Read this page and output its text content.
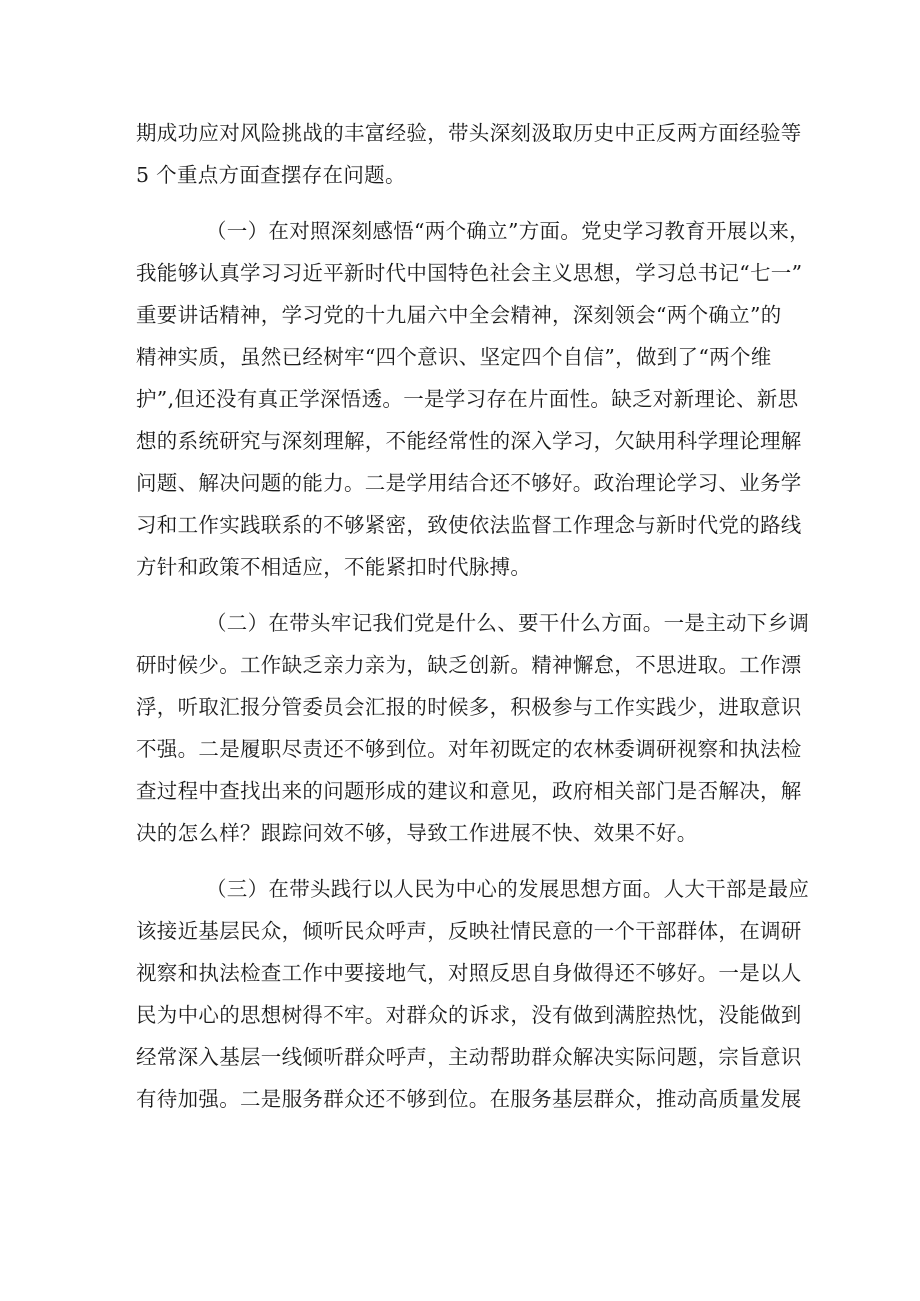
期成功应对风险挑战的丰富经验，带头深刻汲取历史中正反两方面经验等
5 个重点方面查摆存在问题。
（一）在对照深刻感悟“两个确立”方面。党史学习教育开展以来，
我能够认真学习习近平新时代中国特色社会主义思想，学习总书记“七一”
重要讲话精神，学习党的十九届六中全会精神，深刻领会“两个确立”的
精神实质，虽然已经树牢“四个意识、坚定四个自信”，做到了“两个维
护”,但还没有真正学深悟透。一是学习存在片面性。缺乏对新理论、新思
想的系统研究与深刻理解，不能经常性的深入学习，欠缺用科学理论理解
问题、解决问题的能力。二是学用结合还不够好。政治理论学习、业务学
习和工作实践联系的不够紧密，致使依法监督工作理念与新时代党的路线
方针和政策不相适应，不能紧扣时代脉搏。
（二）在带头牢记我们党是什么、要干什么方面。一是主动下乡调
研时候少。工作缺乏亲力亲为，缺乏创新。精神懈怠，不思进取。工作漂
浮，听取汇报分管委员会汇报的时候多，积极参与工作实践少，进取意识
不强。二是履职尽责还不够到位。对年初既定的农林委调研视察和执法检
查过程中查找出来的问题形成的建议和意见，政府相关部门是否解决，解
决的怎么样？跟踪问效不够，导致工作进展不快、效果不好。
（三）在带头践行以人民为中心的发展思想方面。人大干部是最应
该接近基层民众，倾听民众呼声，反映社情民意的一个干部群体，在调研
视察和执法检查工作中要接地气，对照反思自身做得还不够好。一是以人
民为中心的思想树得不牢。对群众的诉求，没有做到满腔热忱，没能做到
经常深入基层一线倾听群众呼声，主动帮助群众解决实际问题，宗旨意识
有待加强。二是服务群众还不够到位。在服务基层群众，推动高质量发展
